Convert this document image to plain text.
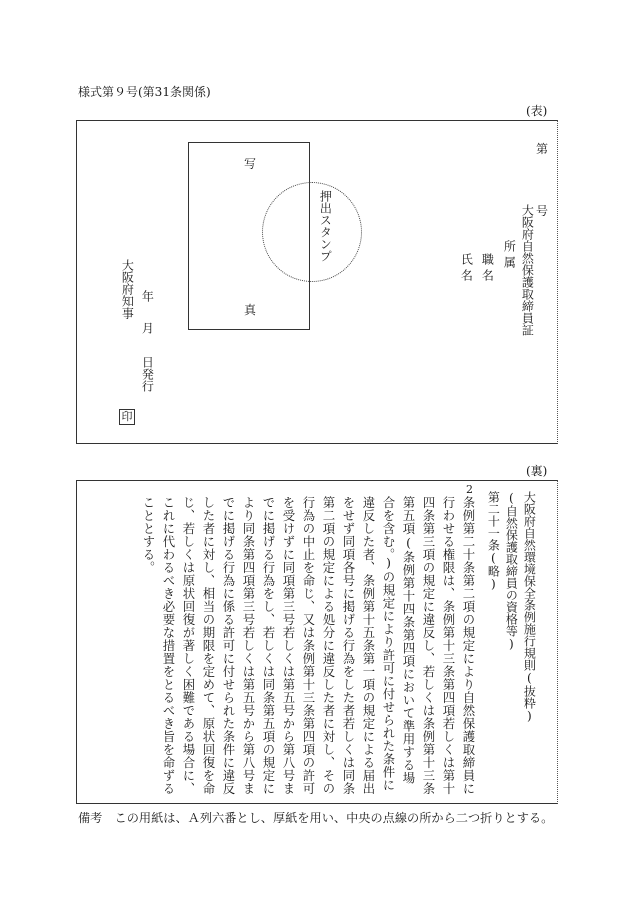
様式第９号(第31条関係)
(表)
写
真
押出スタンプ
第
号
大阪府自然保護取締員証
所属
職名
氏名
大阪府知事 年
月
日発行
印
(裏)
大阪府自然環境保全条例施行規則(抜粋)
(自然保護取締員の資格等)
第二十一条(略)
2
条例第二十条第二項の規定により自然保護取締員に行わせる権限は、条例第十三条第四項若しくは第十四条第三項の規定に違反し、若しくは条例第十三条第五項(条例第十四条第四項において準用する場合を含む。)の規定により許可に付せられた条件に違反した者、条例第十五条第一項の規定による届出をせず同項各号に掲げる行為をした者若しくは同条第二項の規定による処分に違反した者に対し、その行為の中止を命じ、又は条例第十三条第四項の許可を受けずに同項第三号若しくは第五号から第八号までに掲げる行為をし、若しくは同条第五項の規定により同条第四項第三号若しくは第五号から第八号までに掲げる行為に係る許可に付せられた条件に違反した者に対し、相当の期限を定めて、原状回復を命じ、若しくは原状回復が著しく困難である場合に、これに代わるべき必要な措置をとるべき旨を命ずることとする。
備考　この用紙は、Ａ列六番とし、厚紙を用い、中央の点線の所から二つ折りとする。
